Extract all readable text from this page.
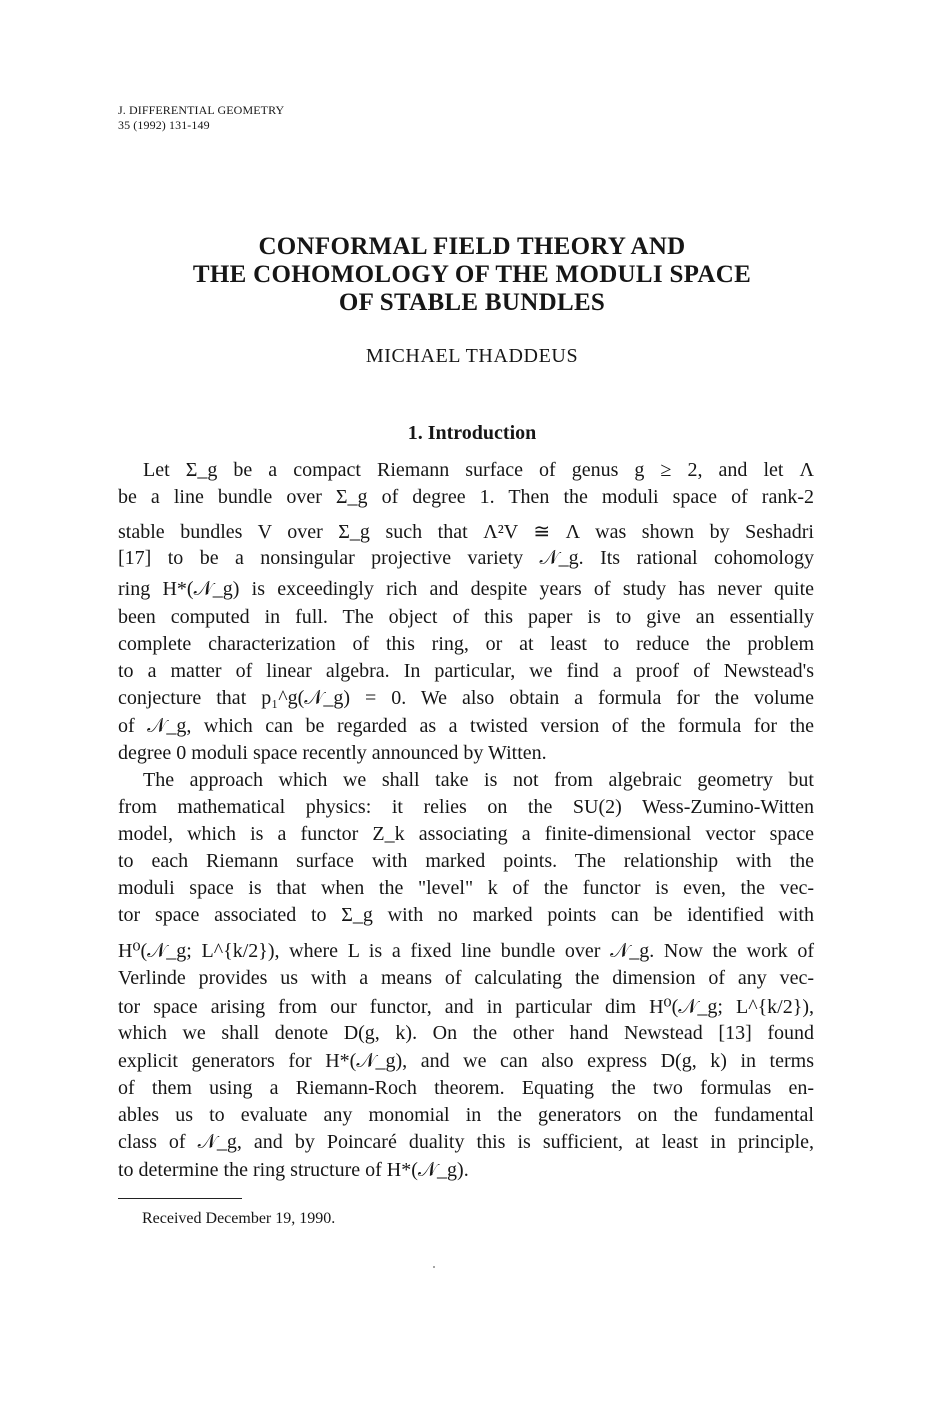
J. DIFFERENTIAL GEOMETRY
35 (1992) 131-149
CONFORMAL FIELD THEORY AND
THE COHOMOLOGY OF THE MODULI SPACE
OF STABLE BUNDLES
MICHAEL THADDEUS
1. Introduction
Let Σ_g be a compact Riemann surface of genus g ≥ 2, and let Λ
be a line bundle over Σ_g of degree 1. Then the moduli space of rank-2
stable bundles V over Σ_g such that Λ²V ≅ Λ was shown by Seshadri
[17] to be a nonsingular projective variety 𝒩_g. Its rational cohomology
ring H*(𝒩_g) is exceedingly rich and despite years of study has never quite
been computed in full. The object of this paper is to give an essentially
complete characterization of this ring, or at least to reduce the problem
to a matter of linear algebra. In particular, we find a proof of Newstead's
conjecture that p₁^g(𝒩_g) = 0. We also obtain a formula for the volume
of 𝒩_g, which can be regarded as a twisted version of the formula for the
degree 0 moduli space recently announced by Witten.
The approach which we shall take is not from algebraic geometry but
from mathematical physics: it relies on the SU(2) Wess-Zumino-Witten
model, which is a functor Z_k associating a finite-dimensional vector space
to each Riemann surface with marked points. The relationship with the
moduli space is that when the "level" k of the functor is even, the vec-
tor space associated to Σ_g with no marked points can be identified with
H⁰(𝒩_g; L^{k/2}), where L is a fixed line bundle over 𝒩_g. Now the work of
Verlinde provides us with a means of calculating the dimension of any vec-
tor space arising from our functor, and in particular dim H⁰(𝒩_g; L^{k/2}),
which we shall denote D(g, k). On the other hand Newstead [13] found
explicit generators for H*(𝒩_g), and we can also express D(g, k) in terms
of them using a Riemann-Roch theorem. Equating the two formulas en-
ables us to evaluate any monomial in the generators on the fundamental
class of 𝒩_g, and by Poincaré duality this is sufficient, at least in principle,
to determine the ring structure of H*(𝒩_g).
Received December 19, 1990.
